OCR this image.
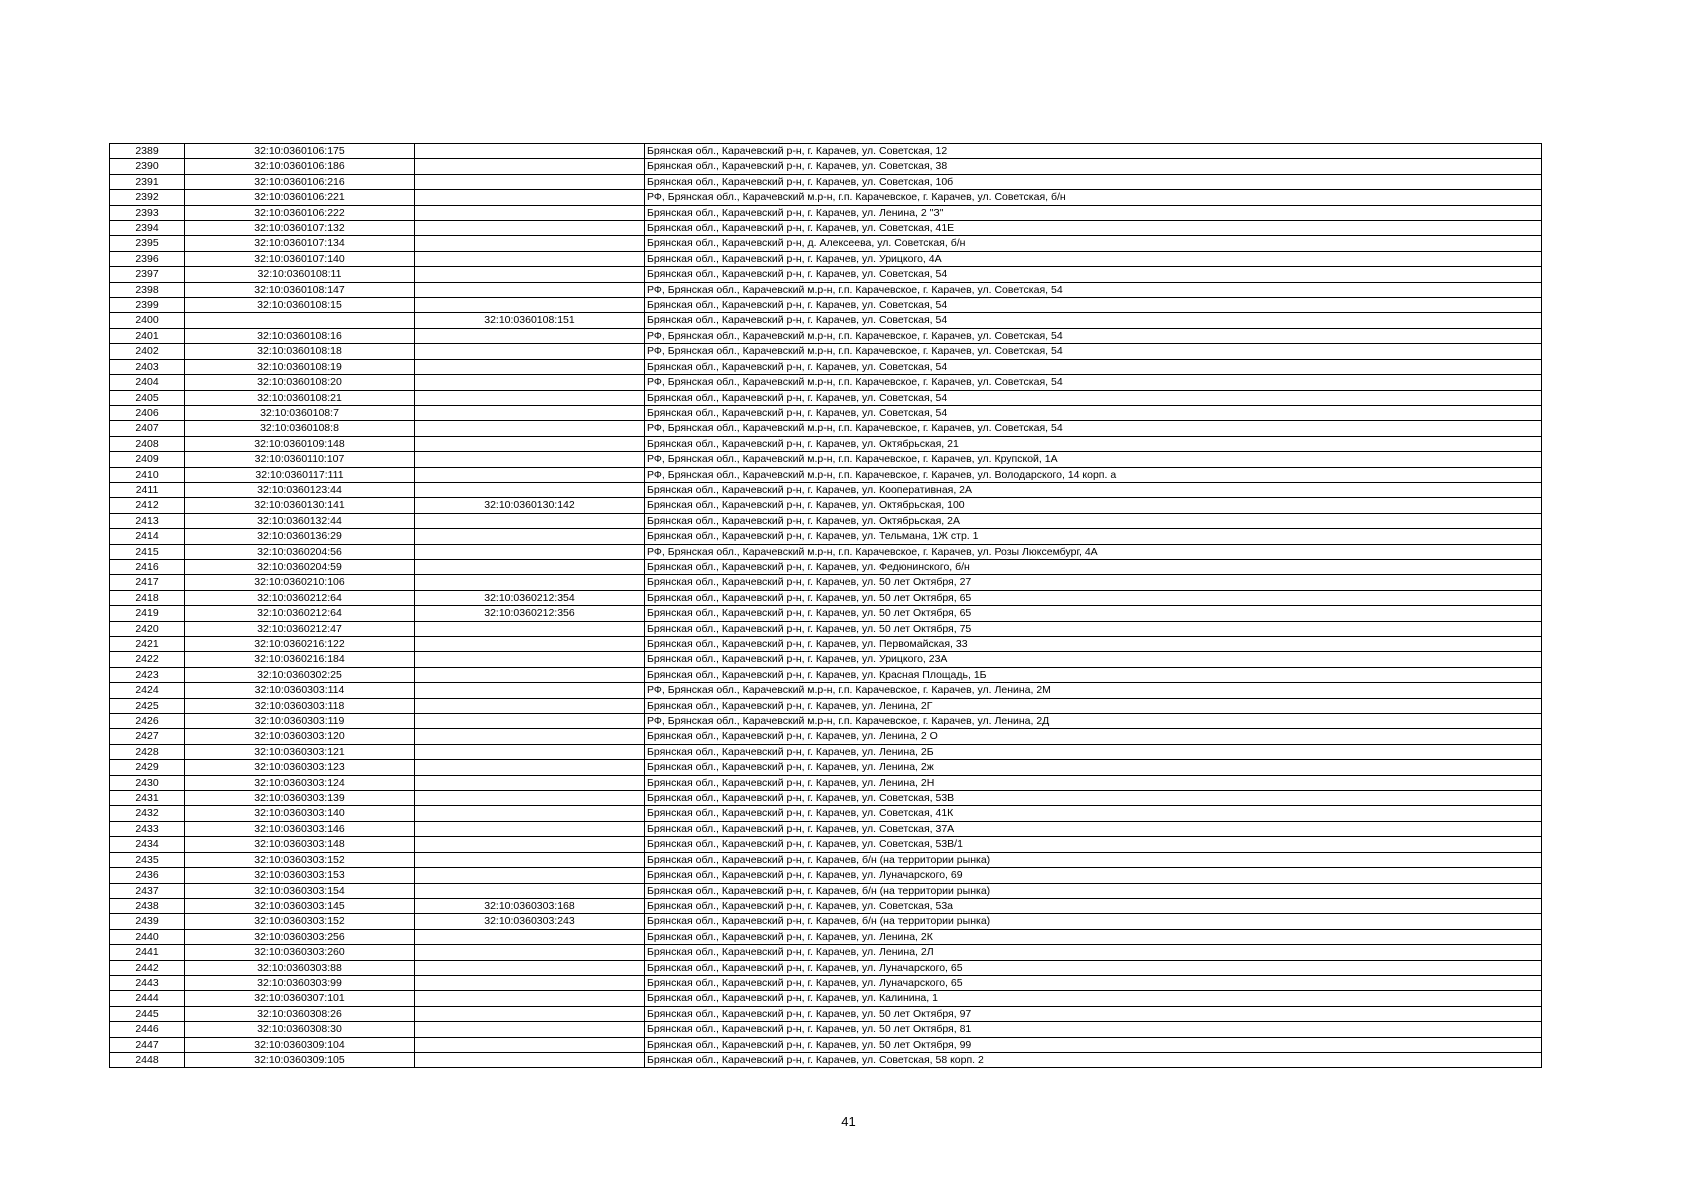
2389	32:10:0360106:175		Брянская обл., Карачевский р-н, г. Карачев, ул. Советская, 12
2390	32:10:0360106:186		Брянская обл., Карачевский р-н, г. Карачев, ул. Советская, 38
2391	32:10:0360106:216		Брянская обл., Карачевский р-н, г. Карачев, ул. Советская, 10б
2392	32:10:0360106:221		РФ, Брянская обл., Карачевский м.р-н, г.п. Карачевское, г. Карачев, ул. Советская, б/н
2393	32:10:0360106:222		Брянская обл., Карачевский р-н, г. Карачев, ул. Ленина, 2 "З"
2394	32:10:0360107:132		Брянская обл., Карачевский р-н, г. Карачев, ул. Советская, 41Е
2395	32:10:0360107:134		Брянская обл., Карачевский р-н, д. Алексеева, ул. Советская, б/н
2396	32:10:0360107:140		Брянская обл., Карачевский р-н, г. Карачев, ул. Урицкого, 4А
2397	32:10:0360108:11		Брянская обл., Карачевский р-н, г. Карачев, ул. Советская, 54
2398	32:10:0360108:147		РФ, Брянская обл., Карачевский м.р-н, г.п. Карачевское, г. Карачев, ул. Советская, 54
2399	32:10:0360108:15		Брянская обл., Карачевский р-н, г. Карачев, ул. Советская, 54
2400		32:10:0360108:151	Брянская обл., Карачевский р-н, г. Карачев, ул. Советская, 54
2401	32:10:0360108:16		РФ, Брянская обл., Карачевский м.р-н, г.п. Карачевское, г. Карачев, ул. Советская, 54
2402	32:10:0360108:18		РФ, Брянская обл., Карачевский м.р-н, г.п. Карачевское, г. Карачев, ул. Советская, 54
2403	32:10:0360108:19		Брянская обл., Карачевский р-н, г. Карачев, ул. Советская, 54
2404	32:10:0360108:20		РФ, Брянская обл., Карачевский м.р-н, г.п. Карачевское, г. Карачев, ул. Советская, 54
2405	32:10:0360108:21		Брянская обл., Карачевский р-н, г. Карачев, ул. Советская, 54
2406	32:10:0360108:7		Брянская обл., Карачевский р-н, г. Карачев, ул. Советская, 54
2407	32:10:0360108:8		РФ, Брянская обл., Карачевский м.р-н, г.п. Карачевское, г. Карачев, ул. Советская, 54
2408	32:10:0360109:148		Брянская обл., Карачевский р-н, г. Карачев, ул. Октябрьская, 21
2409	32:10:0360110:107		РФ, Брянская обл., Карачевский м.р-н, г.п. Карачевское, г. Карачев, ул. Крупской, 1А
2410	32:10:0360117:111		РФ, Брянская обл., Карачевский м.р-н, г.п. Карачевское, г. Карачев, ул. Володарского, 14 корп. а
2411	32:10:0360123:44		Брянская обл., Карачевский р-н, г. Карачев, ул. Кооперативная, 2А
2412	32:10:0360130:141	32:10:0360130:142	Брянская обл., Карачевский р-н, г. Карачев, ул. Октябрьская, 100
2413	32:10:0360132:44		Брянская обл., Карачевский р-н, г. Карачев, ул. Октябрьская, 2А
2414	32:10:0360136:29		Брянская обл., Карачевский р-н, г. Карачев, ул. Тельмана, 1Ж стр. 1
2415	32:10:0360204:56		РФ, Брянская обл., Карачевский м.р-н, г.п. Карачевское, г. Карачев, ул. Розы Люксембург, 4А
2416	32:10:0360204:59		Брянская обл., Карачевский р-н, г. Карачев, ул. Федюнинского, б/н
2417	32:10:0360210:106		Брянская обл., Карачевский р-н, г. Карачев, ул. 50 лет Октября, 27
2418	32:10:0360212:64	32:10:0360212:354	Брянская обл., Карачевский р-н, г. Карачев, ул. 50 лет Октября, 65
2419	32:10:0360212:64	32:10:0360212:356	Брянская обл., Карачевский р-н, г. Карачев, ул. 50 лет Октября, 65
2420	32:10:0360212:47		Брянская обл., Карачевский р-н, г. Карачев, ул. 50 лет Октября, 75
2421	32:10:0360216:122		Брянская обл., Карачевский р-н, г. Карачев, ул. Первомайская, 33
2422	32:10:0360216:184		Брянская обл., Карачевский р-н, г. Карачев, ул. Урицкого, 23А
2423	32:10:0360302:25		Брянская обл., Карачевский р-н, г. Карачев, ул. Красная Площадь, 1Б
2424	32:10:0360303:114		РФ, Брянская обл., Карачевский м.р-н, г.п. Карачевское, г. Карачев, ул. Ленина, 2М
2425	32:10:0360303:118		Брянская обл., Карачевский р-н, г. Карачев, ул. Ленина, 2Г
2426	32:10:0360303:119		РФ, Брянская обл., Карачевский м.р-н, г.п. Карачевское, г. Карачев, ул. Ленина, 2Д
2427	32:10:0360303:120		Брянская обл., Карачевский р-н, г. Карачев, ул. Ленина, 2 О
2428	32:10:0360303:121		Брянская обл., Карачевский р-н, г. Карачев, ул. Ленина, 2Б
2429	32:10:0360303:123		Брянская обл., Карачевский р-н, г. Карачев, ул. Ленина, 2ж
2430	32:10:0360303:124		Брянская обл., Карачевский р-н, г. Карачев, ул. Ленина, 2Н
2431	32:10:0360303:139		Брянская обл., Карачевский р-н, г. Карачев, ул. Советская, 53В
2432	32:10:0360303:140		Брянская обл., Карачевский р-н, г. Карачев, ул. Советская, 41К
2433	32:10:0360303:146		Брянская обл., Карачевский р-н, г. Карачев, ул. Советская, 37А
2434	32:10:0360303:148		Брянская обл., Карачевский р-н, г. Карачев, ул. Советская, 53В/1
2435	32:10:0360303:152		Брянская обл., Карачевский р-н, г. Карачев, б/н (на территории рынка)
2436	32:10:0360303:153		Брянская обл., Карачевский р-н, г. Карачев, ул. Луначарского, 69
2437	32:10:0360303:154		Брянская обл., Карачевский р-н, г. Карачев, б/н (на территории рынка)
2438	32:10:0360303:145	32:10:0360303:168	Брянская обл., Карачевский р-н, г. Карачев, ул. Советская, 53а
2439	32:10:0360303:152	32:10:0360303:243	Брянская обл., Карачевский р-н, г. Карачев, б/н (на территории рынка)
2440	32:10:0360303:256		Брянская обл., Карачевский р-н, г. Карачев, ул. Ленина, 2К
2441	32:10:0360303:260		Брянская обл., Карачевский р-н, г. Карачев, ул. Ленина, 2Л
2442	32:10:0360303:88		Брянская обл., Карачевский р-н, г. Карачев, ул. Луначарского, 65
2443	32:10:0360303:99		Брянская обл., Карачевский р-н, г. Карачев, ул. Луначарского, 65
2444	32:10:0360307:101		Брянская обл., Карачевский р-н, г. Карачев, ул. Калинина, 1
2445	32:10:0360308:26		Брянская обл., Карачевский р-н, г. Карачев, ул. 50 лет Октября, 97
2446	32:10:0360308:30		Брянская обл., Карачевский р-н, г. Карачев, ул. 50 лет Октября, 81
2447	32:10:0360309:104		Брянская обл., Карачевский р-н, г. Карачев, ул. 50 лет Октября, 99
2448	32:10:0360309:105		Брянская обл., Карачевский р-н, г. Карачев, ул. Советская, 58 корп. 2
41
